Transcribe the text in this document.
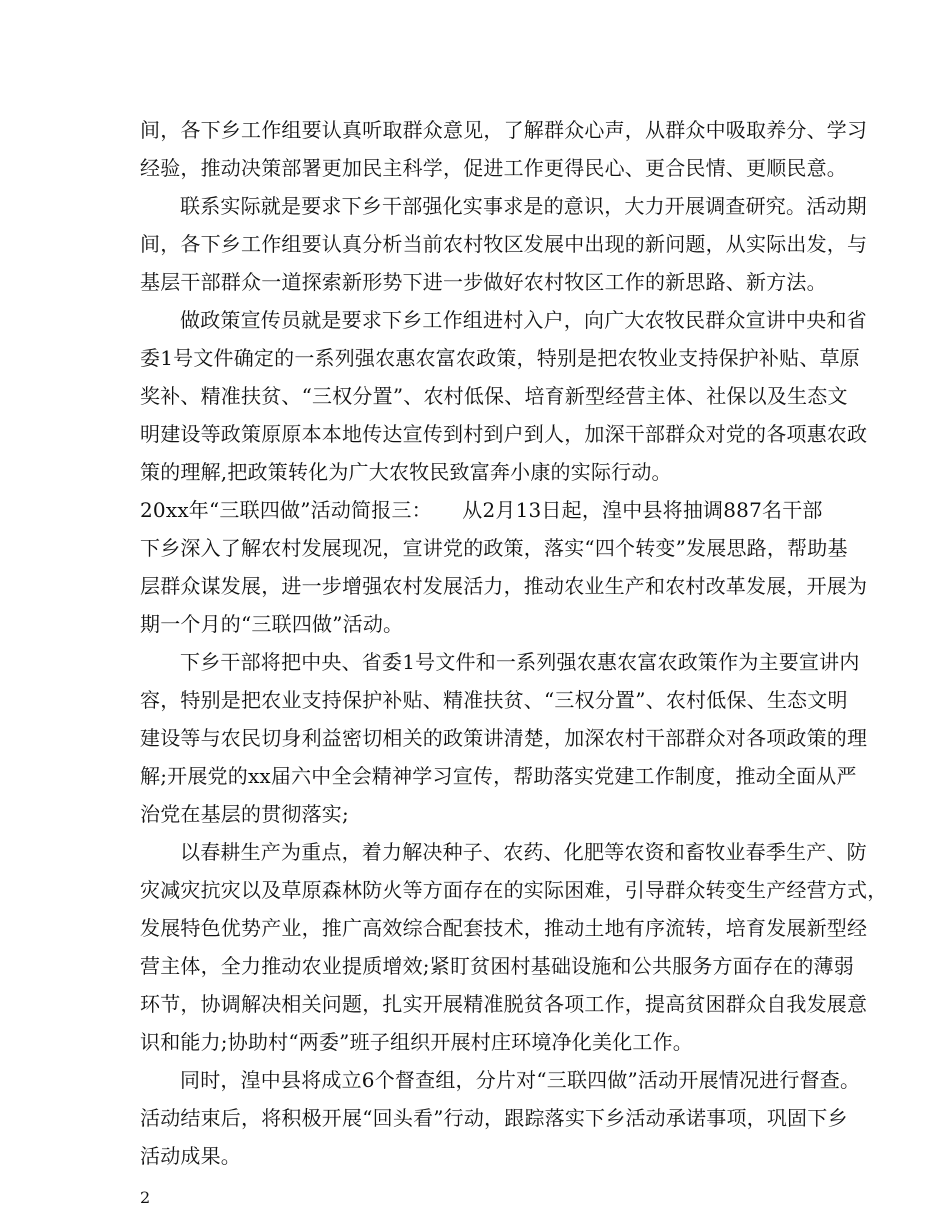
间，各下乡工作组要认真听取群众意见，了解群众心声，从群众中吸取养分、学习
经验，推动决策部署更加民主科学，促进工作更得民心、更合民情、更顺民意。
联系实际就是要求下乡干部强化实事求是的意识，大力开展调查研究。活动期
间，各下乡工作组要认真分析当前农村牧区发展中出现的新问题，从实际出发，与
基层干部群众一道探索新形势下进一步做好农村牧区工作的新思路、新方法。
做政策宣传员就是要求下乡工作组进村入户，向广大农牧民群众宣讲中央和省
委1号文件确定的一系列强农惠农富农政策，特别是把农牧业支持保护补贴、草原
奖补、精准扶贫、“三权分置”、农村低保、培育新型经营主体、社保以及生态文
明建设等政策原原本本地传达宣传到村到户到人，加深干部群众对党的各项惠农政
策的理解,把政策转化为广大农牧民致富奔小康的实际行动。
20xx年“三联四做”活动简报三：　　从2月13日起，湟中县将抽调887名干部
下乡深入了解农村发展现况，宣讲党的政策，落实“四个转变”发展思路，帮助基
层群众谋发展，进一步增强农村发展活力，推动农业生产和农村改革发展，开展为
期一个月的“三联四做”活动。
下乡干部将把中央、省委1号文件和一系列强农惠农富农政策作为主要宣讲内
容，特别是把农业支持保护补贴、精准扶贫、“三权分置”、农村低保、生态文明
建设等与农民切身利益密切相关的政策讲清楚，加深农村干部群众对各项政策的理
解;开展党的xx届六中全会精神学习宣传，帮助落实党建工作制度，推动全面从严
治党在基层的贯彻落实;
以春耕生产为重点，着力解决种子、农药、化肥等农资和畜牧业春季生产、防
灾减灾抗灾以及草原森林防火等方面存在的实际困难，引导群众转变生产经营方式，
发展特色优势产业，推广高效综合配套技术，推动土地有序流转，培育发展新型经
营主体，全力推动农业提质增效;紧盯贫困村基础设施和公共服务方面存在的薄弱
环节，协调解决相关问题，扎实开展精准脱贫各项工作，提高贫困群众自我发展意
识和能力;协助村“两委”班子组织开展村庄环境净化美化工作。
同时，湟中县将成立6个督查组，分片对“三联四做”活动开展情况进行督查。
活动结束后，将积极开展“回头看”行动，跟踪落实下乡活动承诺事项，巩固下乡
活动成果。
2
